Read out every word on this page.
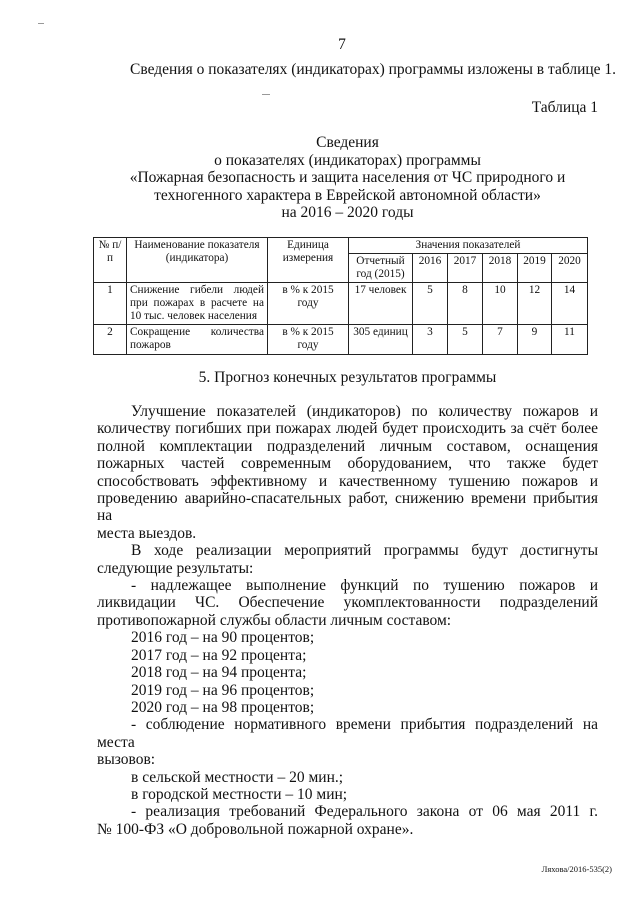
7
Сведения о показателях (индикаторах) программы изложены в таблице 1.
Таблица 1
Сведения
о показателях (индикаторах) программы
«Пожарная безопасность и защита населения от ЧС природного и
техногенного характера в Еврейской автономной области»
на 2016 – 2020 годы
№ п/п	Наименование показателя (индикатора)	Единица измерения	Значения показателей					
			Отчетный год (2015)	2016	2017	2018	2019	2020
1	Снижение гибели людей при пожарах в расчете на 10 тыс. человек населения	в % к 2015 году	17 человек	5	8	10	12	14
2	Сокращение количества пожаров	в % к 2015 году	305 единиц	3	5	7	9	11
5. Прогноз конечных результатов программы
Улучшение показателей (индикаторов) по количеству пожаров и
количеству погибших при пожарах людей будет происходить за счёт более
полной комплектации подразделений личным составом, оснащения
пожарных частей современным оборудованием, что также будет
способствовать эффективному и качественному тушению пожаров и
проведению аварийно-спасательных работ, снижению времени прибытия на
места выездов.
В ходе реализации мероприятий программы будут достигнуты
следующие результаты:
- надлежащее выполнение функций по тушению пожаров и
ликвидации ЧС. Обеспечение укомплектованности подразделений
противопожарной службы области личным составом:
2016 год – на 90 процентов;
2017 год – на 92 процента;
2018 год – на 94 процента;
2019 год – на 96 процентов;
2020 год – на 98 процентов;
- соблюдение нормативного времени прибытия подразделений на места
вызовов:
в сельской местности – 20 мин.;
в городской местности – 10 мин;
- реализация требований Федерального закона от 06 мая 2011 г.
№ 100-ФЗ «О добровольной пожарной охране».
Ляхова/2016-535(2)
